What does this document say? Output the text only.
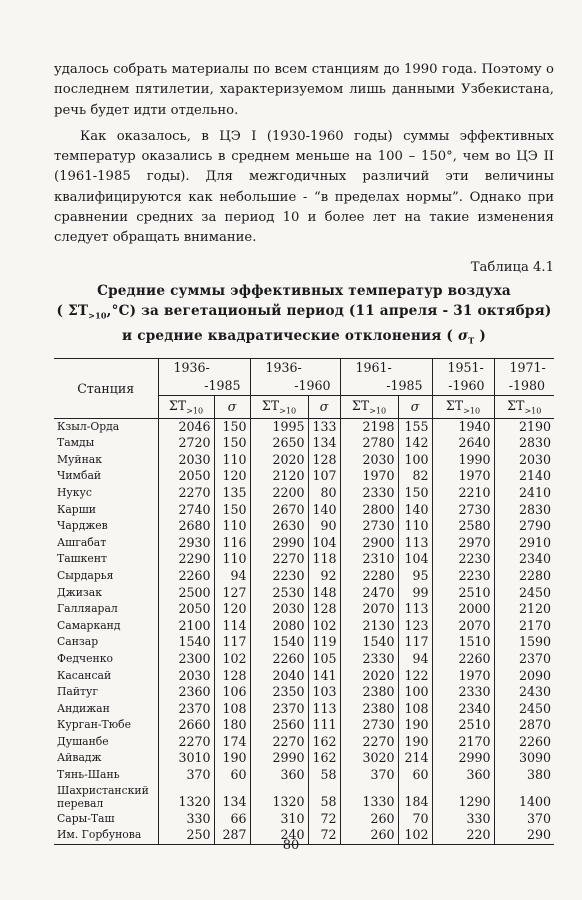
удалось собрать материалы по всем станциям до 1990 года. Поэтому о последнем пятилетии, характеризуемом лишь данными Узбекистана, речь будет идти отдельно.

Как оказалось, в ЦЭ I (1930-1960 годы) суммы эффективных температур оказались в среднем меньше на 100 – 150°, чем во ЦЭ II (1961-1985 годы). Для межгодичных различий эти величины квалифицируются как небольшие - “в пределах нормы”. Однако при сравнении средних за период 10 и более лет на такие изменения следует обращать внимание.

Таблица 4.1
Средние суммы эффективных температур воздуха
( $\Sigma T_{>10},^\circ C$) за вегетационый период (11 апреля - 31 октября)
и средние квадратические отклонения ( $\sigma_T$ )
Станция	1936-
-1985		1936-
-1960		1961-
-1985		1951-
-1960	1971-
-1980

	$\Sigma T_{>10}$	σ	$\Sigma T_{>10}$	σ	$\Sigma T_{>10}$	σ	$\Sigma T_{>10}$	$\Sigma T_{>10}$
Кзыл-Орда	2046	150	1995	133	2198	155	1940	2190
Тамды	2720	150	2650	134	2780	142	2640	2830
Муйнак	2030	110	2020	128	2030	100	1990	2030
Чимбай	2050	120	2120	107	1970	82	1970	2140
Нукус	2270	135	2200	80	2330	150	2210	2410
Карши	2740	150	2670	140	2800	140	2730	2830
Чарджев	2680	110	2630	90	2730	110	2580	2790
Ашгабат	2930	116	2990	104	2900	113	2970	2910
Ташкент	2290	110	2270	118	2310	104	2230	2340
Сырдарья	2260	94	2230	92	2280	95	2230	2280
Джизак	2500	127	2530	148	2470	99	2510	2450
Галляарал	2050	120	2030	128	2070	113	2000	2120
Самарканд	2100	114	2080	102	2130	123	2070	2170
Санзар	1540	117	1540	119	1540	117	1510	1590
Федченко	2300	102	2260	105	2330	94	2260	2370
Касансай	2030	128	2040	141	2020	122	1970	2090
Пайтуг	2360	106	2350	103	2380	100	2330	2430
Андижан	2370	108	2370	113	2380	108	2340	2450
Курган-Тюбе	2660	180	2560	111	2730	190	2510	2870
Душанбе	2270	174	2270	162	2270	190	2170	2260
Айвадж	3010	190	2990	162	3020	214	2990	3090
Тянь-Шань	370	60	360	58	370	60	360	380

Шахристанский
перевал	1320	134	1320	58	1330	184	1290	1400
Сары-Таш	330	66	310	72	260	70	330	370
Им. Горбунова	250	287	240	72	260	102	220	290
80
